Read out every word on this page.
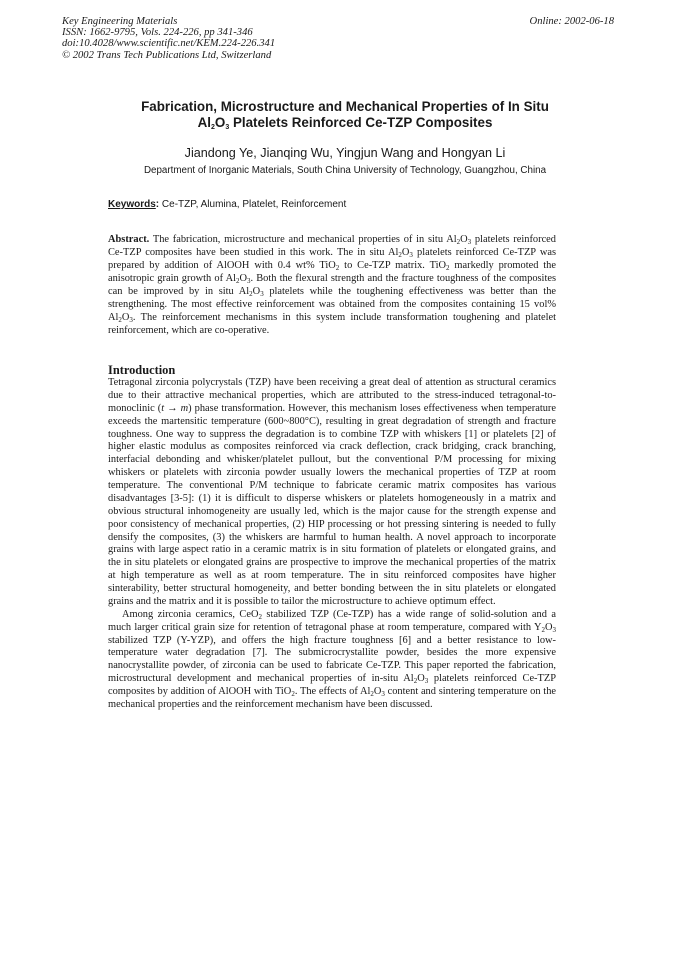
Key Engineering Materials
ISSN: 1662-9795, Vols. 224-226, pp 341-346
doi:10.4028/www.scientific.net/KEM.224-226.341
© 2002 Trans Tech Publications Ltd, Switzerland
Online: 2002-06-18
Fabrication, Microstructure and Mechanical Properties of In Situ
$Al_2O_3$ Platelets Reinforced Ce-TZP Composites
Jiandong Ye, Jianqing Wu, Yingjun Wang and Hongyan Li
Department of Inorganic Materials, South China University of Technology, Guangzhou, China
Keywords: Ce-TZP, Alumina, Platelet, Reinforcement
Abstract. The fabrication, microstructure and mechanical properties of in situ $Al_2O_3$ platelets reinforced Ce-TZP composites have been studied in this work. The in situ $Al_2O_3$ platelets reinforced Ce-TZP was prepared by addition of AlOOH with 0.4 wt% TiO$_2$ to Ce-TZP matrix. TiO$_2$ markedly promoted the anisotropic grain growth of $Al_2O_3$. Both the flexural strength and the fracture toughness of the composites can be improved by in situ $Al_2O_3$ platelets while the toughening effectiveness was better than the strengthening. The most effective reinforcement was obtained from the composites containing 15 vol% $Al_2O_3$. The reinforcement mechanisms in this system include transformation toughening and platelet reinforcement, which are co-operative.
Introduction

Tetragonal zirconia polycrystals (TZP) have been receiving a great deal of attention as structural ceramics due to their attractive mechanical properties, which are attributed to the stress-induced tetragonal-to-monoclinic (t → m) phase transformation. However, this mechanism loses effectiveness when temperature exceeds the martensitic temperature (600~800°C), resulting in great degradation of strength and fracture toughness. One way to suppress the degradation is to combine TZP with whiskers [1] or platelets [2] of higher elastic modulus as composites reinforced via crack deflection, crack bridging, crack branching, interfacial debonding and whisker/platelet pullout, but the conventional P/M processing for mixing whiskers or platelets with zirconia powder usually lowers the mechanical properties of TZP at room temperature. The conventional P/M technique to fabricate ceramic matrix composites has various disadvantages [3-5]: (1) it is difficult to disperse whiskers or platelets homogeneously in a matrix and obvious structural inhomogeneity are usually led, which is the major cause for the strength expense and poor consistency of mechanical properties, (2) HIP processing or hot pressing sintering is needed to fully densify the composites, (3) the whiskers are harmful to human health. A novel approach to incorporate grains with large aspect ratio in a ceramic matrix is in situ formation of platelets or elongated grains, and the in situ platelets or elongated grains are prospective to improve the mechanical properties of the matrix at high temperature as well as at room temperature. The in situ reinforced composites have higher sinterability, better structural homogeneity, and better bonding between the in situ platelets or elongated grains and the matrix and it is possible to tailor the microstructure to achieve optimum effect.

Among zirconia ceramics, CeO$_2$ stabilized TZP (Ce-TZP) has a wide range of solid-solution and a much larger critical grain size for retention of tetragonal phase at room temperature, compared with $Y_2O_3$ stabilized TZP (Y-YZP), and offers the high fracture toughness [6] and a better resistance to low-temperature water degradation [7]. The submicrocrystallite powder, besides the more expensive nanocrystallite powder, of zirconia can be used to fabricate Ce-TZP. This paper reported the fabrication, microstructural development and mechanical properties of in-situ $Al_2O_3$ platelets reinforced Ce-TZP composites by addition of AlOOH with TiO$_2$. The effects of $Al_2O_3$ content and sintering temperature on the mechanical properties and the reinforcement mechanism have been discussed.
